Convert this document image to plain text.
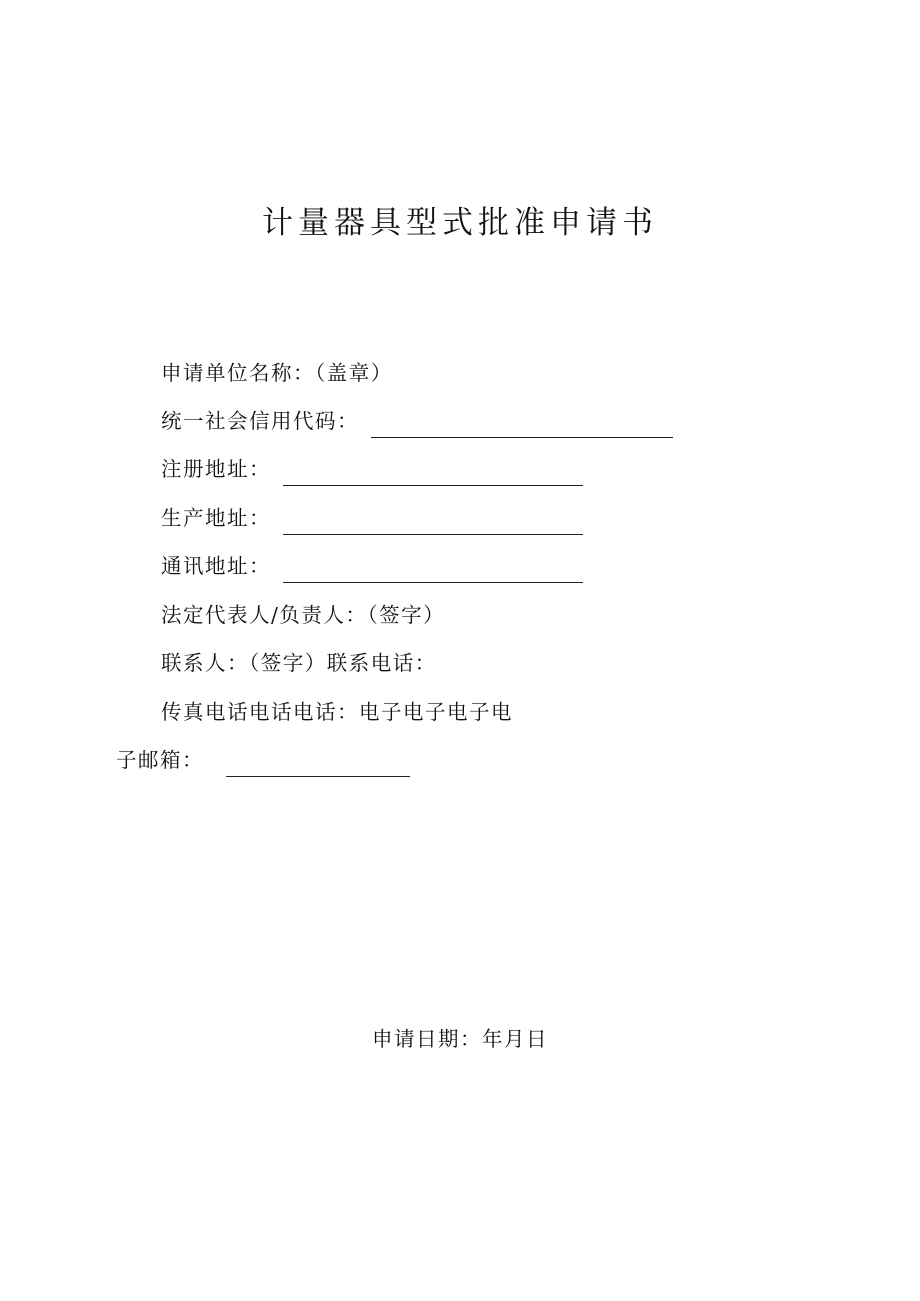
计量器具型式批准申请书
申请单位名称：（盖章）
统一社会信用代码：
注册地址：
生产地址：
通讯地址：
法定代表人/负责人：（签字）
联系人：（签字）联系电话：
传真电话电话电话：电子电子电子电
子邮箱：
申请日期：年月日
